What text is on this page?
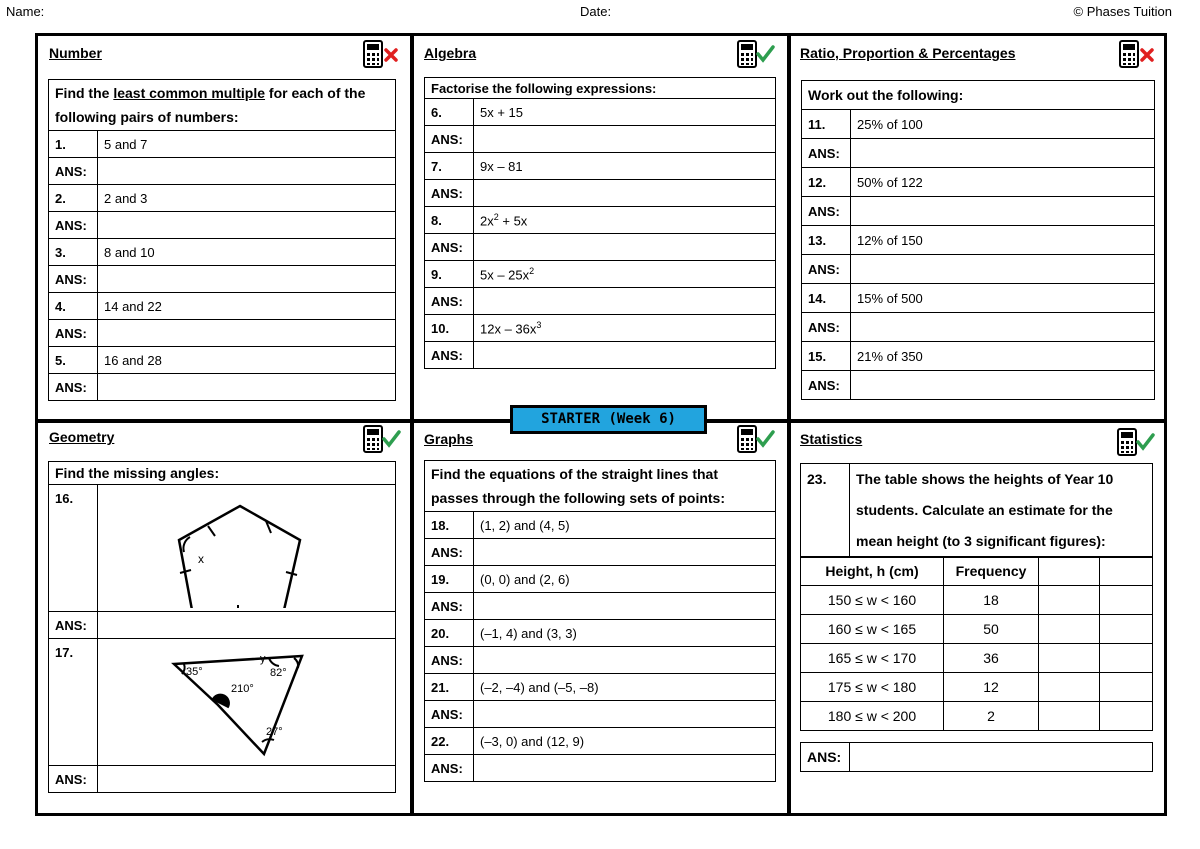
Name:	Date:	© Phases Tuition
STARTER (Week 6)
Number
Find the least common multiple for each of the following pairs of numbers:	
1.	5 and 7
ANS:	
2.	2 and 3
ANS:	
3.	8 and 10
ANS:	
4.	14 and 22
ANS:	
5.	16 and 28
ANS:	
Algebra
Factorise the following expressions:	
6.	5x + 15
ANS:	
7.	9x – 81
ANS:	
8.	$2x^2 + 5x$
ANS:	
9.	$5x - 25x^2$
ANS:	
10.	$12x - 36x^3$
ANS:	
Ratio, Proportion & Percentages
Work out the following:	
11.	25% of 100
ANS:	
12.	50% of 122
ANS:	
13.	12% of 150
ANS:	
14.	15% of 500
ANS:	
15.	21% of 350
ANS:	
Geometry
Find the missing angles:	
16.	x

ANS:	
17.	35°
y
82°
210°
27°

ANS:	
Graphs
Find the equations of the straight lines that passes through the following sets of points:	
18.	(1, 2) and (4, 5)
ANS:	
19.	(0, 0) and (2, 6)
ANS:	
20.	(–1, 4) and (3, 3)
ANS:	
21.	(–2, –4) and (–5, –8)
ANS:	
22.	(–3, 0) and (12, 9)
ANS:	
Statistics
23.	The table shows the heights of Year 10 students. Calculate an estimate for the mean height (to 3 significant figures):
Height, h (cm)	Frequency		
150 ≤ w < 160	18		
160 ≤ w < 165	50		
165 ≤ w < 170	36		
175 ≤ w < 180	12		
180 ≤ w < 200	2		
ANS:	
